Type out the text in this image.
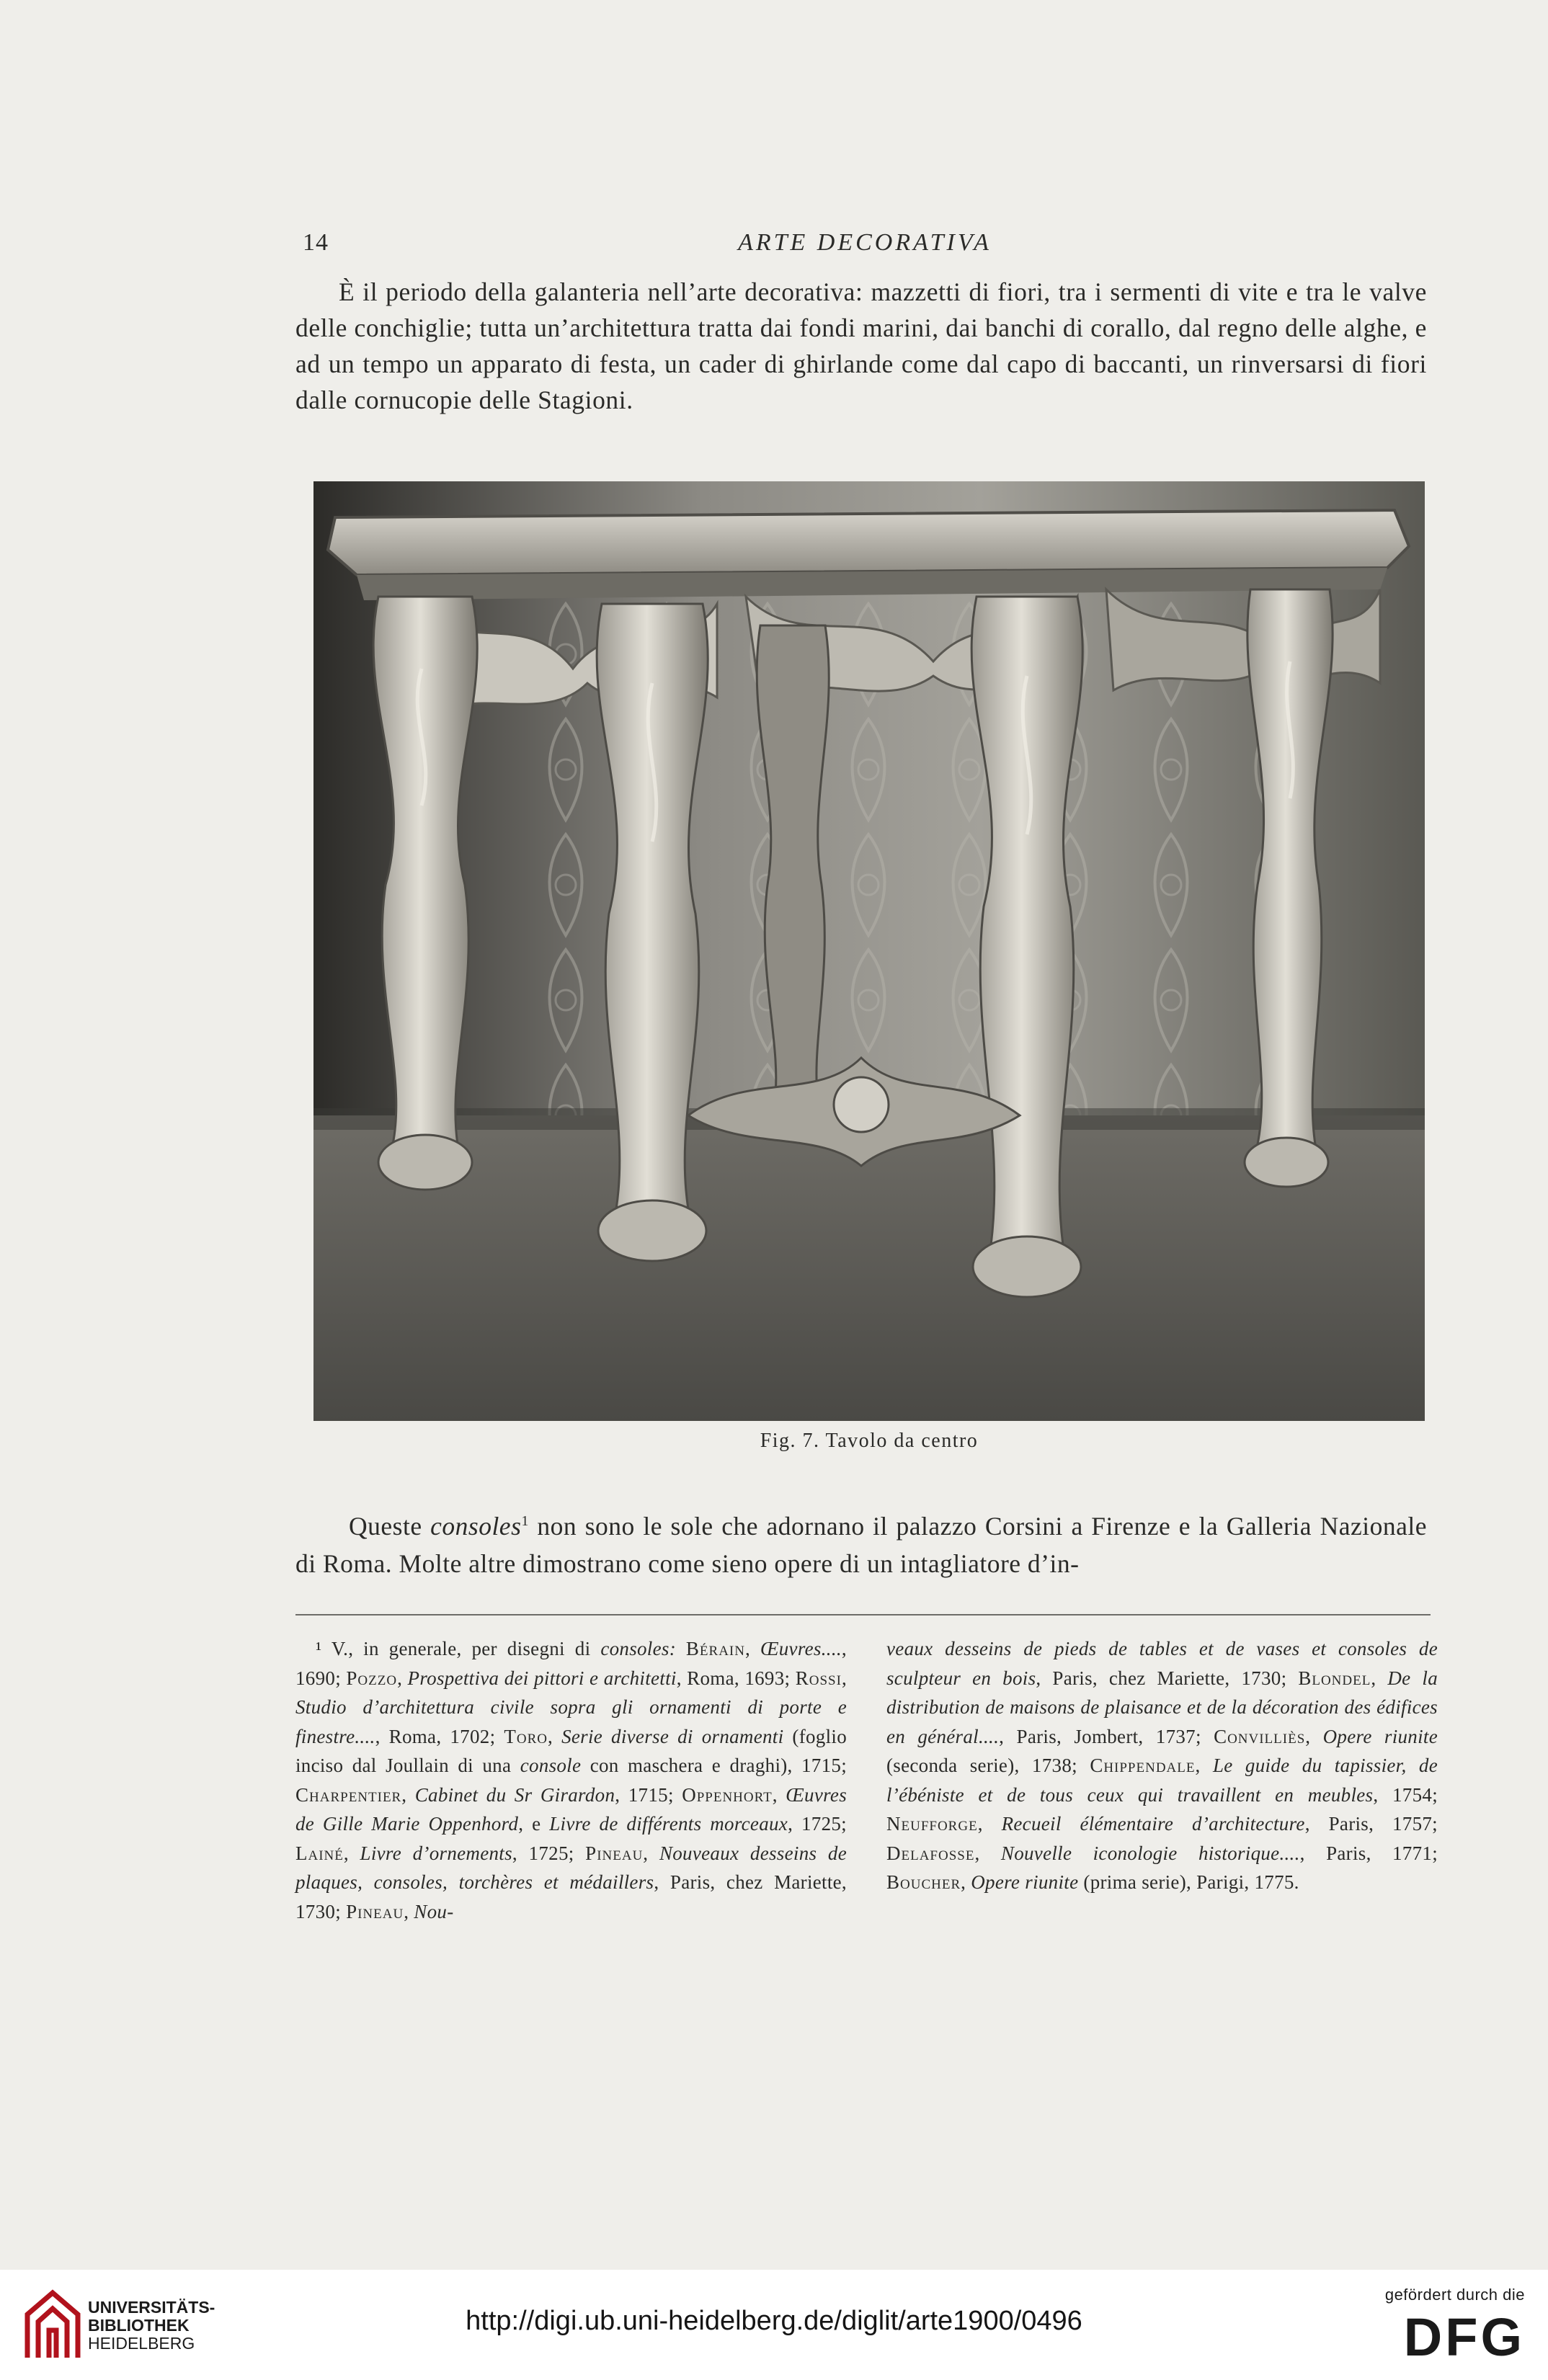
14	ARTE DECORATIVA

È il periodo della galanteria nell’arte decorativa: mazzetti di fiori, tra i sermenti di vite e tra le valve delle conchiglie; tutta un’architettura tratta dai fondi marini, dai banchi di corallo, dal regno delle alghe, e ad un tempo un apparato di festa, un cader di ghirlande come dal capo di baccanti, un rinversarsi di fiori dalle cornucopie delle Stagioni.

Fig. 7. Tavolo da centro

Queste consoles$^1$ non sono le sole che adornano il palazzo Corsini a Firenze e la Galleria Nazionale di Roma. Molte altre dimostrano come sieno opere di un intagliatore d’in-

¹ V., in generale, per disegni di consoles: Bérain, Œuvres...., 1690; Pozzo, Prospettiva dei pittori e architetti, Roma, 1693; Rossi, Studio d’architettura civile sopra gli ornamenti di porte e finestre...., Roma, 1702; Toro, Serie diverse di ornamenti (foglio inciso dal Joullain di una console con maschera e draghi), 1715; Charpentier, Cabinet du Sr Girardon, 1715; Oppenhort, Œuvres de Gille Marie Oppenhord, e Livre de différents morceaux, 1725; Lainé, Livre d’ornements, 1725; Pineau, Nouveaux desseins de plaques, consoles, torchères et médaillers, Paris, chez Mariette, 1730; Pineau, Nou-
veaux desseins de pieds de tables et de vases et consoles de sculpteur en bois, Paris, chez Mariette, 1730; Blondel, De la distribution de maisons de plaisance et de la décoration des édifices en général...., Paris, Jombert, 1737; Convilliès, Opere riunite (seconda serie), 1738; Chippendale, Le guide du tapissier, de l’ébéniste et de tous ceux qui travaillent en meubles, 1754; Neufforge, Recueil élémentaire d’architecture, Paris, 1757; Delafosse, Nouvelle iconologie historique...., Paris, 1771; Boucher, Opere riunite (prima serie), Parigi, 1775.
UNIVERSITÄTS-
BIBLIOTHEK
HEIDELBERG
http://digi.ub.uni-heidelberg.de/diglit/arte1900/0496
gefördert durch die
DFG
